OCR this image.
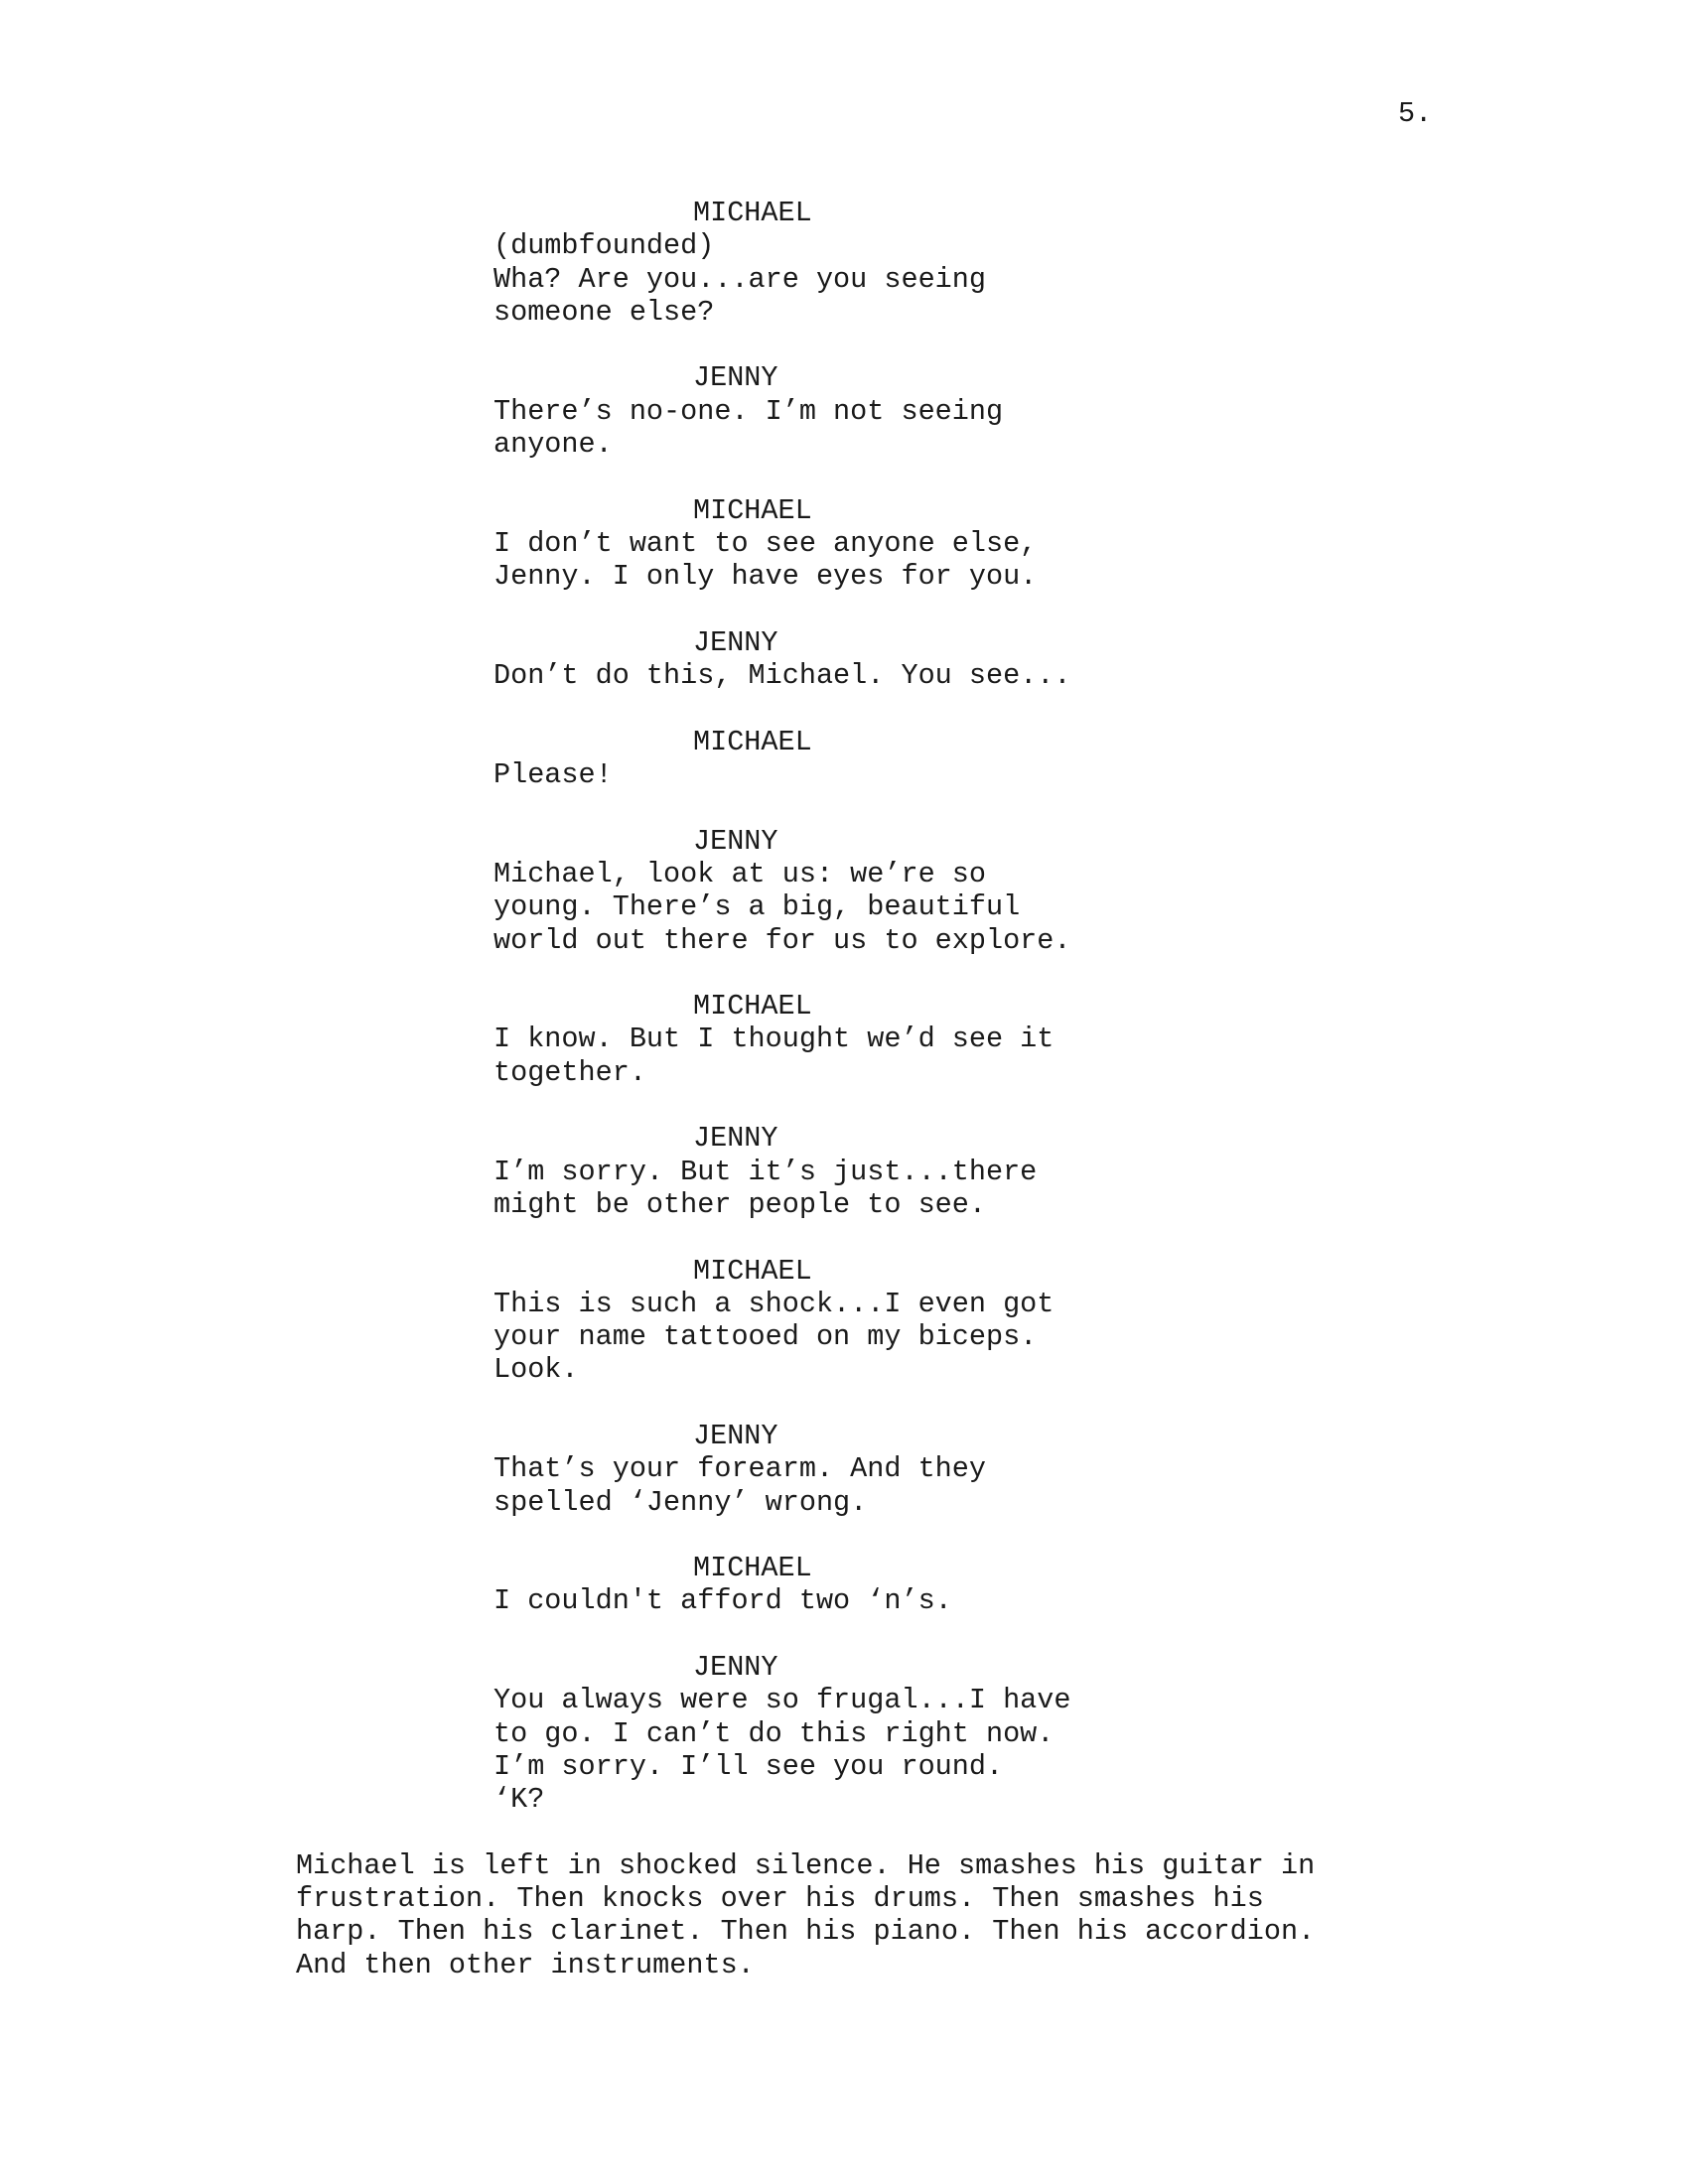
5.
MICHAEL
(dumbfounded)
Wha? Are you...are you seeing
someone else?
JENNY
There’s no-one. I’m not seeing
anyone.
MICHAEL
I don’t want to see anyone else,
Jenny. I only have eyes for you.
JENNY
Don’t do this, Michael. You see...
MICHAEL
Please!
JENNY
Michael, look at us: we’re so
young. There’s a big, beautiful
world out there for us to explore.
MICHAEL
I know. But I thought we’d see it
together.
JENNY
I’m sorry. But it’s just...there
might be other people to see.
MICHAEL
This is such a shock...I even got
your name tattooed on my biceps.
Look.
JENNY
That’s your forearm. And they
spelled ‘Jenny’ wrong.
MICHAEL
I couldn't afford two ‘n’s.
JENNY
You always were so frugal...I have
to go. I can’t do this right now.
I’m sorry. I’ll see you round.
‘K?
Michael is left in shocked silence. He smashes his guitar in
frustration. Then knocks over his drums. Then smashes his
harp. Then his clarinet. Then his piano. Then his accordion.
And then other instruments.
